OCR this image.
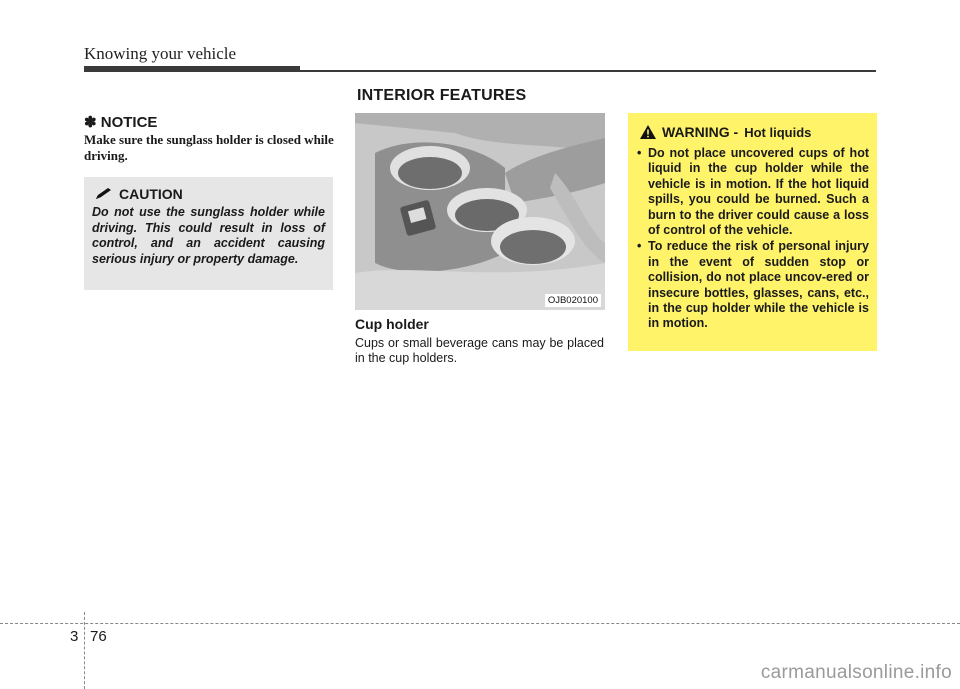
Knowing your vehicle
INTERIOR FEATURES
✽ NOTICE
Make sure the sunglass holder is closed while driving.
CAUTION
Do not use the sunglass holder while driving. This could result in loss of control, and an accident causing serious injury or property damage.
OJB020100
Cup holder
Cups or small beverage cans may be placed in the cup holders.
WARNING - Hot liquids
• Do not place uncovered cups of hot liquid in the cup holder while the vehicle is in motion. If the hot liquid spills, you could be burned. Such a burn to the driver could cause a loss of control of the vehicle.
• To reduce the risk of personal injury in the event of sudden stop or collision, do not place uncov-ered or insecure bottles, glasses, cans, etc., in the cup holder while the vehicle is in motion.
3 76
carmanualsonline.info
